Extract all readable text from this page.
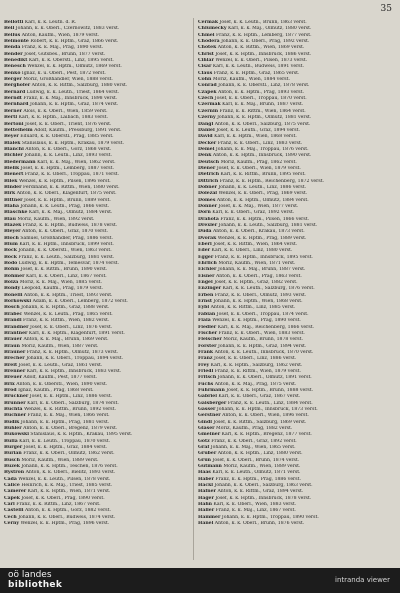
35

Bellotti Karl, k. k. Leutn. d. R.

Bell Johann, k. k. Oberl., Czernowitz, 1883 verst.

Bellus Anton, Kaufm., Wien, 1879 verst.

Belmonte Robert, k. k. Hptm., Graz, 1866 verst.

Benda Franz, k. k. Maj., Prag, 1890 verst.

Bender Josef, Gutsbes., Brünn, 1877 verst.

Benedikt Karl, k. k. Oberstl., Linz, 1895 verst.

Benesch Wenzel, k. k. Hptm., Olmütz, 1869 verst.

Benkö Ignaz, k. u. Oberl., Pest, 1872 verst.

Berger Moriz, Großhändler, Wien, 1888 verst.

Berghofer Anton, k. k. Rittm., Salzburg, 1880 verst.

Bernard Ludwig, k. k. Leutn., Triest, 1864 verst.

Berndt Franz, k. k. Maj., Innsbruck, 1898 verst.

Bernhard Johann, k. k. Hptm., Graz, 1874 verst.

Berner Alois, k. k. Oberl., Wien, 1859 verst.

Bertl Karl, k. k. Hptm., Laibach, 1883 verst.

Bertoni Josef, k. k. Oberl., Trient, 1876 verst.

Bettelheim Adolf, Kaufm., Pressburg, 1891 verst.

Beyer Eduard, k. k. Oberstl., Prag, 1885 verst.

Bialek Stanislaus, k. k. Hptm., Krakau, 1879 verst.

Bianchi Anton, k. k. Oberl., Görz, 1868 verst.

Bichler Johann, k. k. Leutn., Linz, 1893 verst.

Biedermann Karl, k. k. Maj., Wien, 1862 verst.

Bielik Josef, k. k. Hptm., Lemberg, 1887 verst.

Bienert Franz, k. k. Oberl., Troppau, 1871 verst.

Bilek Wenzel, k. k. Hptm., Pilsen, 1896 verst.

Binder Ferdinand, k. k. Rittm., Wien, 1880 verst.

Birk Anton, k. k. Oberl., Klagenfurt, 1875 verst.

Bittner Josef, k. k. Hptm., Brünn, 1889 verst.

Blaha Johann, k. k. Leutn., Prag, 1866 verst.

Blaschke Karl, k. k. Maj., Olmütz, 1884 verst.

Blau Moriz, Kaufm., Wien, 1892 verst.

Blažek Franz, k. k. Hptm., Budweis, 1878 verst.

Bleyer Anton, k. k. Oberl., Graz, 1870 verst.

Bloch Samuel, Großhändler, Prag, 1886 verst.

Blum Karl, k. k. Hptm., Innsbruck, 1899 verst.

Bock Johann, k. k. Oberstl., Wien, 1863 verst.

Böck Franz, k. k. Leutn., Salzburg, 1881 verst.

Bodo Ludwig, k. k. Hptm., Temesvár, 1874 verst.

Böhm Josef, k. k. Rittm., Brünn, 1890 verst.

Böhmer Karl, k. k. Oberl., Linz, 1867 verst.

Bolza Moriz, k. k. Maj., Wien, 1885 verst.

Bondy Leopold, Kaufm., Prag, 1879 verst.

Bonelli Anton, k. k. Hptm., Triest, 1893 verst.

Borkowski Adam, k. k. Oberl., Lemberg, 1872 verst.

Bosch Johann, k. k. Hptm., Graz, 1888 verst.

Brabec Wenzel, k. k. Leutn., Prag, 1865 verst.

Brandl Franz, k. k. Rittm., Wien, 1882 verst.

Brandner Josef, k. k. Oberl., Linz, 1876 verst.

Brantner Karl, k. k. Hptm., Klagenfurt, 1891 verst.

Brauer Anton, k. k. Maj., Brünn, 1869 verst.

Braun Moriz, Kaufm., Wien, 1887 verst.

Brauner Franz, k. k. Hptm., Olmütz, 1873 verst.

Brecher Johann, k. k. Oberl., Troppau, 1894 verst.

Breit Josef, k. k. Leutn., Graz, 1861 verst.

Brenner Karl, k. k. Hptm., Innsbruck, 1883 verst.

Breuer Adolf, Kaufm., Pest, 1877 verst.

Brix Anton, k. k. Oberstl., Wien, 1890 verst.

Brod Ignaz, Kaufm., Prag, 1868 verst.

Bruckner Josef, k. k. Hptm., Linz, 1886 verst.

Brunner Karl, k. k. Oberl., Salzburg, 1874 verst.

Buchta Wenzel, k. k. Rittm., Brünn, 1892 verst.

Buchner Franz, k. k. Maj., Wien, 1866 verst.

Budik Johann, k. k. Hptm., Prag, 1881 verst.

Bühler Anton, k. k. Oberl., Bregenz, 1879 verst.

Bukowski Stanislaus, k. k. Hptm., Krakau, 1895 verst.

Bulla Karl, k. k. Leutn., Troppau, 1870 verst.

Burger Josef, k. k. Hptm., Graz, 1884 verst.

Burian Franz, k. k. Oberl., Olmütz, 1862 verst.

Busch Moriz, Kaufm., Wien, 1889 verst.

Buzek Johann, k. k. Hptm., Teschen, 1876 verst.

Bystron Anton, k. k. Oberl., Bielitz, 1893 verst.

Cada Wenzel, k. k. Leutn., Pilsen, 1878 verst.

Calice Heinrich, k. k. Maj., Triest, 1885 verst.

Camerer Karl, k. k. Hptm., Wien, 1871 verst.

Capek Josef, k. k. Oberl., Prag, 1890 verst.

Carl Franz, k. k. Rittm., Linz, 1867 verst.

Castelli Anton, k. k. Hptm., Görz, 1882 verst.

Cech Johann, k. k. Oberl., Budweis, 1874 verst.

Cerny Wenzel, k. k. Hptm., Prag, 1896 verst.

Cermak Josef, k. k. Leutn., Brünn, 1863 verst.

Chlumecky Karl, k. k. Maj., Olmütz, 1880 verst.

Chmel Franz, k. k. Hptm., Lemberg, 1877 verst.

Chodera Johann, k. k. Oberl., Prag, 1892 verst.

Chotek Anton, k. k. Rittm., Wien, 1869 verst.

Christ Josef, k. k. Hptm., Innsbruck, 1886 verst.

Cihlar Wenzel, k. k. Oberl., Pilsen, 1873 verst.

Cisar Karl, k. k. Leutn., Budweis, 1891 verst.

Claus Franz, k. k. Hptm., Graz, 1865 verst.

Cohn Moriz, Kaufm., Wien, 1884 verst.

Conrad Johann, k. k. Oberstl., Linz, 1878 verst.

Czapek Anton, k. k. Hptm., Prag, 1893 verst.

Czech Josef, k. k. Oberl., Troppau, 1870 verst.

Czermak Karl, k. k. Maj., Brünn, 1887 verst.

Czernin Franz, k. k. Rittm., Wien, 1864 verst.

Czerny Johann, k. k. Hptm., Olmütz, 1881 verst.

Dangl Anton, k. k. Oberl., Salzburg, 1875 verst.

Daniel Josef, k. k. Leutn., Graz, 1894 verst.

David Karl, k. k. Hptm., Wien, 1868 verst.

Decker Franz, k. k. Oberl., Linz, 1883 verst.

Demel Johann, k. k. Maj., Troppau, 1876 verst.

Denk Anton, k. k. Hptm., Innsbruck, 1890 verst.

Deutsch Moriz, Kaufm., Prag, 1862 verst.

Diener Josef, k. k. Oberl., Wien, 1879 verst.

Dietrich Karl, k. k. Rittm., Brünn, 1895 verst.

Dittrich Franz, k. k. Hptm., Reichenberg, 1872 verst.

Dobner Johann, k. k. Leutn., Linz, 1886 verst.

Dolezal Wenzel, k. k. Oberl., Prag, 1869 verst.

Domes Anton, k. k. Hptm., Olmütz, 1884 verst.

Donner Josef, k. k. Maj., Wien, 1877 verst.

Dorn Karl, k. k. Oberl., Graz, 1892 verst.

Drahota Franz, k. k. Hptm., Pilsen, 1866 verst.

Drexler Johann, k. k. Leutn., Salzburg, 1881 verst.

Duda Anton, k. k. Oberl., Krakau, 1873 verst.

Dvorak Wenzel, k. k. Hptm., Prag, 1889 verst.

Eberl Josef, k. k. Rittm., Wien, 1864 verst.

Eder Karl, k. k. Oberl., Linz, 1880 verst.

Egger Franz, k. k. Hptm., Innsbruck, 1895 verst.

Ehrlich Moriz, Kaufm., Wien, 1871 verst.

Eichler Johann, k. k. Maj., Brünn, 1887 verst.

Eisner Anton, k. k. Oberl., Prag, 1863 verst.

Engel Josef, k. k. Hptm., Graz, 1882 verst.

Enzinger Karl, k. k. Leutn., Salzburg, 1876 verst.

Erben Franz, k. k. Oberl., Olmütz, 1893 verst.

Ernst Johann, k. k. Hptm., Wien, 1868 verst.

Eybl Anton, k. k. Rittm., Linz, 1885 verst.

Fabian Josef, k. k. Oberl., Troppau, 1874 verst.

Fiala Wenzel, k. k. Hptm., Prag, 1890 verst.

Fiedler Karl, k. k. Maj., Reichenberg, 1866 verst.

Fischer Franz, k. k. Oberl., Wien, 1883 verst.

Fleischer Moriz, Kaufm., Brünn, 1878 verst.

Forster Johann, k. k. Hptm., Graz, 1894 verst.

Frank Anton, k. k. Leutn., Innsbruck, 1870 verst.

Franz Josef, k. k. Oberl., Linz, 1886 verst.

Frey Karl, k. k. Hptm., Salzburg, 1862 verst.

Friedl Franz, k. k. Rittm., Wien, 1879 verst.

Fritsch Johann, k. k. Oberl., Olmütz, 1891 verst.

Fuchs Anton, k. k. Maj., Prag, 1875 verst.

Fuhrmann Josef, k. k. Hptm., Brünn, 1888 verst.

Gabriel Karl, k. k. Oberl., Graz, 1867 verst.

Gaisberger Franz, k. k. Leutn., Linz, 1884 verst.

Gasser Johann, k. k. Hptm., Innsbruck, 1873 verst.

Gerstner Anton, k. k. Oberl., Wien, 1896 verst.

Gindl Josef, k. k. Rittm., Salzburg, 1869 verst.

Glaser Moriz, Kaufm., Prag, 1882 verst.

Gmeiner Karl, k. k. Hptm., Bregenz, 1877 verst.

Götz Franz, k. k. Oberl., Graz, 1892 verst.

Graf Johann, k. k. Maj., Wien, 1865 verst.

Gruber Anton, k. k. Hptm., Linz, 1880 verst.

Grün Josef, k. k. Oberl., Brünn, 1874 verst.

Gutmann Moriz, Kaufm., Wien, 1889 verst.

Haas Karl, k. k. Leutn., Olmütz, 1871 verst.

Haber Franz, k. k. Hptm., Prag, 1886 verst.

Hackl Johann, k. k. Oberl., Salzburg, 1863 verst.

Hafner Anton, k. k. Rittm., Graz, 1894 verst.

Hager Josef, k. k. Hptm., Innsbruck, 1878 verst.

Hahn Karl, k. k. Oberl., Wien, 1883 verst.

Haller Franz, k. k. Maj., Linz, 1867 verst.

Hammer Johann, k. k. Hptm., Troppau, 1890 verst.

Hanel Anton, k. k. Oberl., Brünn, 1876 verst.

oö landes
bibliothek	intranda viewer
